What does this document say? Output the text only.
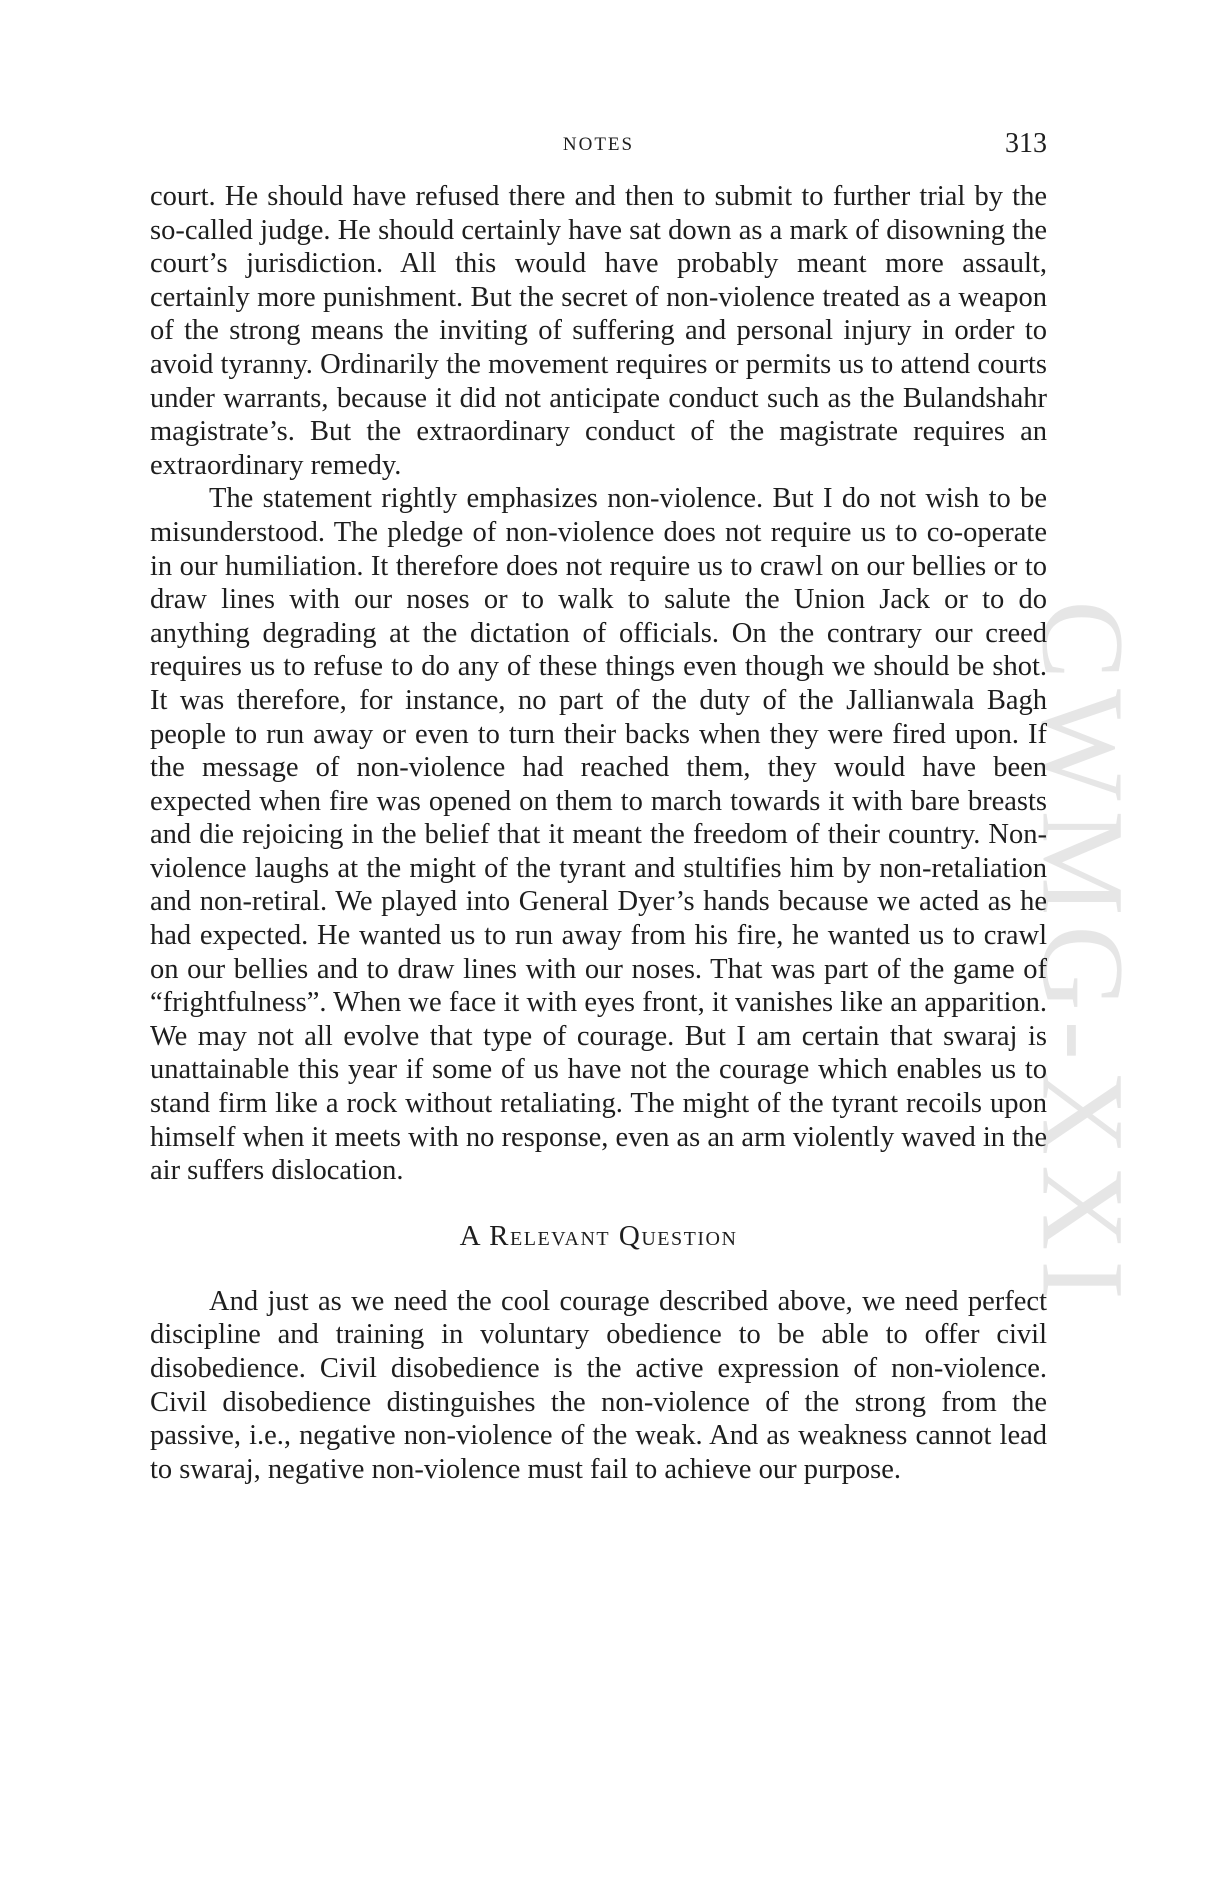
CWMG-XXI
NOTES	313

court. He should have refused there and then to submit to further trial by the so-called judge. He should certainly have sat down as a mark of disowning the court’s jurisdiction. All this would have probably meant more assault, certainly more punishment. But the secret of non-violence treated as a weapon of the strong means the inviting of suffering and personal injury in order to avoid tyranny. Ordinarily the movement requires or permits us to attend courts under warrants, because it did not anticipate conduct such as the Bulandshahr magistrate’s. But the extraordinary conduct of the magistrate requires an extraordinary remedy.

The statement rightly emphasizes non-violence. But I do not wish to be misunderstood. The pledge of non-violence does not require us to co-operate in our humiliation. It therefore does not require us to crawl on our bellies or to draw lines with our noses or to walk to salute the Union Jack or to do anything degrading at the dictation of officials. On the contrary our creed requires us to refuse to do any of these things even though we should be shot. It was therefore, for instance, no part of the duty of the Jallianwala Bagh people to run away or even to turn their backs when they were fired upon. If the message of non-violence had reached them, they would have been expected when fire was opened on them to march towards it with bare breasts and die rejoicing in the belief that it meant the freedom of their country. Non-violence laughs at the might of the tyrant and stultifies him by non-retaliation and non-retiral. We played into General Dyer’s hands because we acted as he had expected. He wanted us to run away from his fire, he wanted us to crawl on our bellies and to draw lines with our noses. That was part of the game of “frightfulness”. When we face it with eyes front, it vanishes like an apparition. We may not all evolve that type of courage. But I am certain that swaraj is unattainable this year if some of us have not the courage which enables us to stand firm like a rock without retaliating. The might of the tyrant recoils upon himself when it meets with no response, even as an arm violently waved in the air suffers dislocation.

A Relevant Question

And just as we need the cool courage described above, we need perfect discipline and training in voluntary obedience to be able to offer civil disobedience. Civil disobedience is the active expression of non-violence. Civil disobedience distinguishes the non-violence of the strong from the passive, i.e., negative non-violence of the weak. And as weakness cannot lead to swaraj, negative non-violence must fail to achieve our purpose.
